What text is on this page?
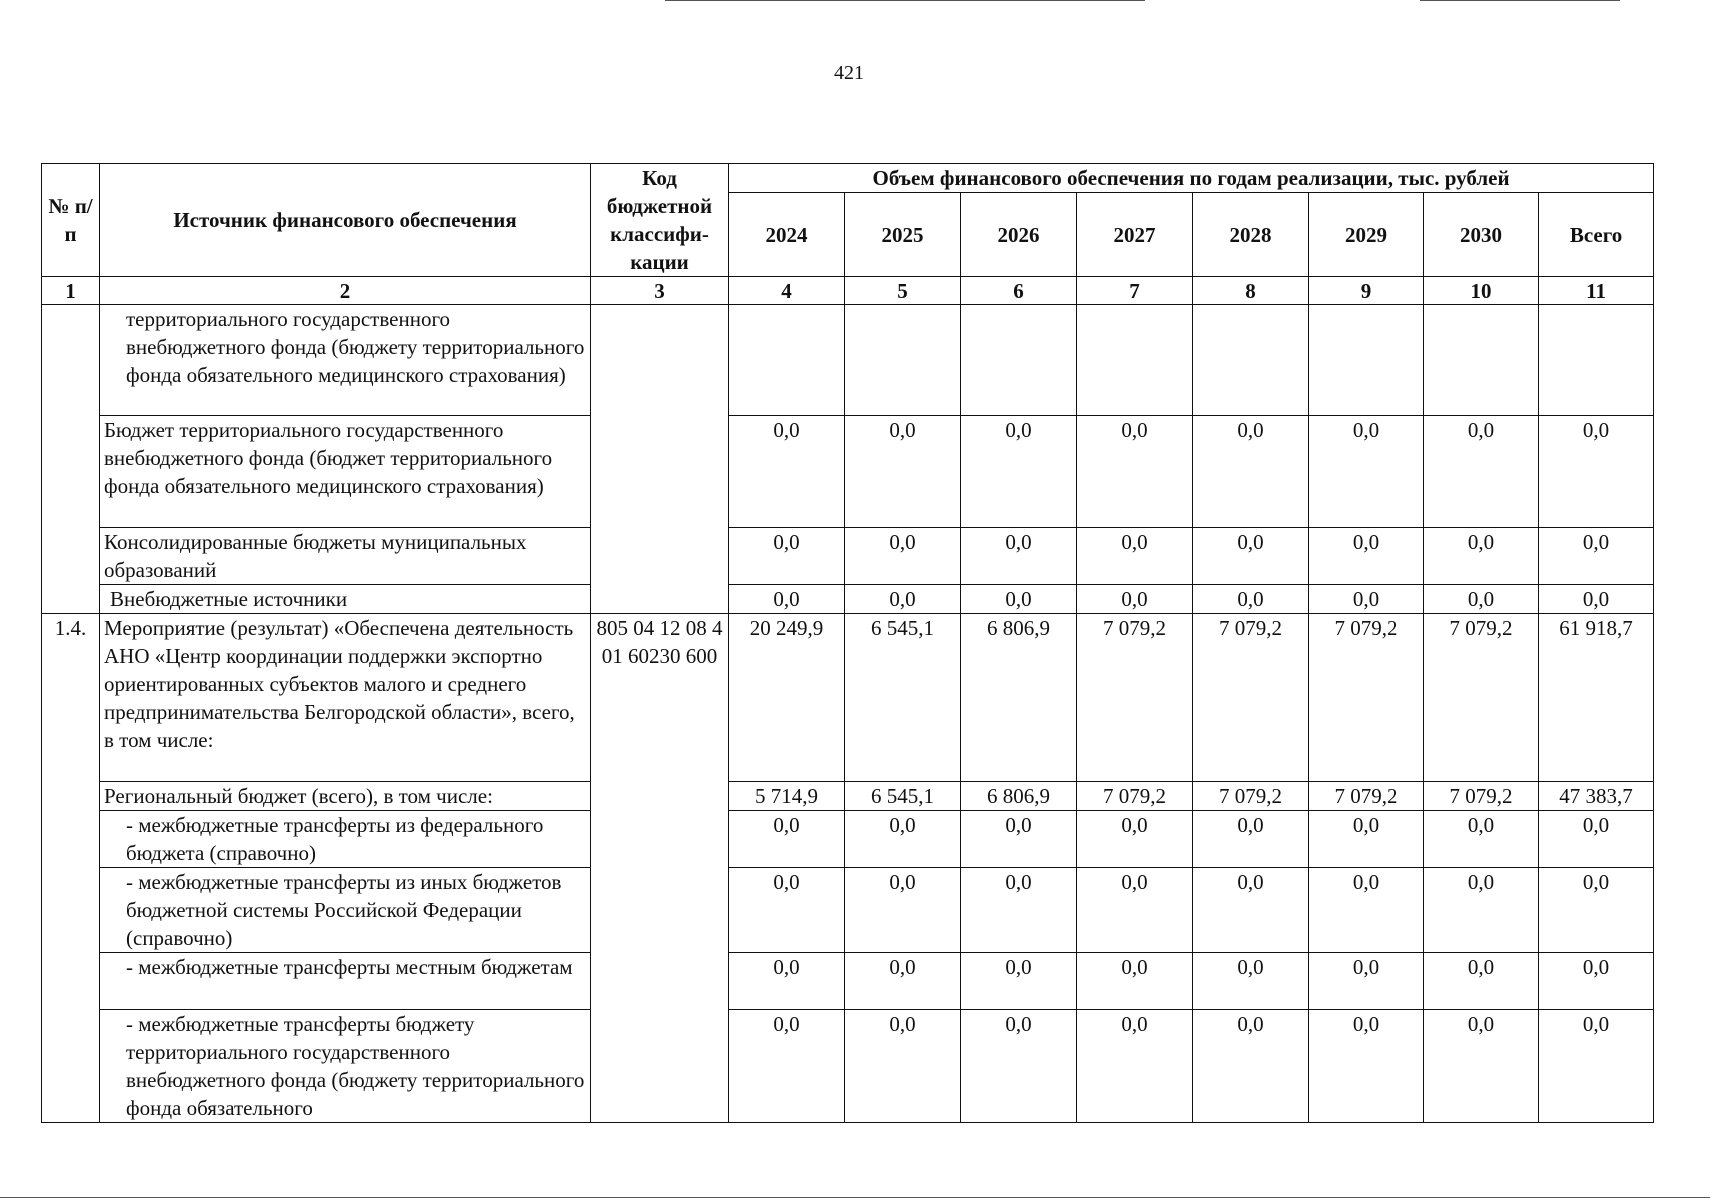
421
№ п/п	Источник финансового обеспечения	Код бюджетной классифи-кации	Объем финансового обеспечения по годам реализации, тыс. рублей							
			2024	2025	2026	2027	2028	2029	2030	Всего
1	2	3	4	5	6	7	8	9	10	11
	территориального государственного внебюджетного фонда (бюджету территориального фонда обязательного медицинского страхования)									
	Бюджет территориального государственного внебюджетного фонда (бюджет территориального фонда обязательного медицинского страхования)		0,0	0,0	0,0	0,0	0,0	0,0	0,0	0,0
	Консолидированные бюджеты муниципальных образований		0,0	0,0	0,0	0,0	0,0	0,0	0,0	0,0
	Внебюджетные источники		0,0	0,0	0,0	0,0	0,0	0,0	0,0	0,0
1.4.	Мероприятие (результат) «Обеспечена деятельность АНО «Центр координации поддержки экспортно ориентированных субъектов малого и среднего предпринимательства Белгородской области», всего, в том числе:	805 04 12 08 4 01 60230 600	20 249,9	6 545,1	6 806,9	7 079,2	7 079,2	7 079,2	7 079,2	61 918,7
	Региональный бюджет (всего), в том числе:		5 714,9	6 545,1	6 806,9	7 079,2	7 079,2	7 079,2	7 079,2	47 383,7
	- межбюджетные трансферты из федерального бюджета (справочно)		0,0	0,0	0,0	0,0	0,0	0,0	0,0	0,0
	- межбюджетные трансферты из иных бюджетов бюджетной системы Российской Федерации (справочно)		0,0	0,0	0,0	0,0	0,0	0,0	0,0	0,0
	- межбюджетные трансферты местным бюджетам		0,0	0,0	0,0	0,0	0,0	0,0	0,0	0,0
	- межбюджетные трансферты бюджету территориального государственного внебюджетного фонда (бюджету территориального фонда обязательного		0,0	0,0	0,0	0,0	0,0	0,0	0,0	0,0
